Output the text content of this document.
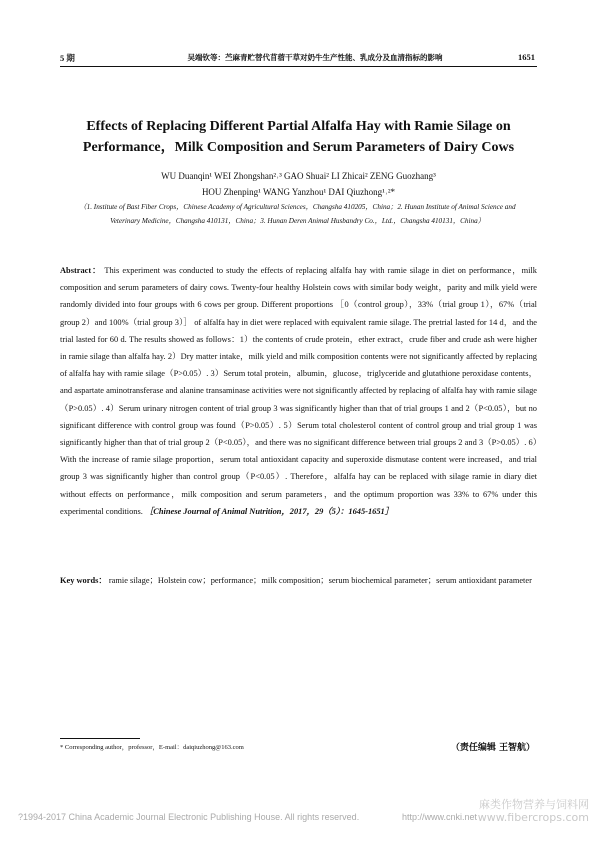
5 期	吴端钦等：苎麻青贮替代苜蓿干草对奶牛生产性能、乳成分及血清指标的影响	1651
Effects of Replacing Different Partial Alfalfa Hay with Ramie Silage on Performance，Milk Composition and Serum Parameters of Dairy Cows
WU Duanqin¹ WEI Zhongshan²˒³ GAO Shuai² LI Zhicai² ZENG Guozhang³
HOU Zhenping¹ WANG Yanzhou¹ DAI Qiuzhong¹˒²*
（1. Institute of Bast Fiber Crops，Chinese Academy of Agricultural Sciences，Changsha 410205，China；2. Hunan Institute of Animal Science and Veterinary Medicine，Changsha 410131，China；3. Hunan Deren Animal Husbandry Co.，Ltd.，Changsha 410131，China）
Abstract： This experiment was conducted to study the effects of replacing alfalfa hay with ramie silage in diet on performance，milk composition and serum parameters of dairy cows. Twenty-four healthy Holstein cows with similar body weight，parity and milk yield were randomly divided into four groups with 6 cows per group. Different proportions ［0（control group），33%（trial group 1），67%（trial group 2）and 100%（trial group 3）］ of alfalfa hay in diet were replaced with equivalent ramie silage. The pretrial lasted for 14 d，and the trial lasted for 60 d. The results showed as follows：1）the contents of crude protein，ether extract，crude fiber and crude ash were higher in ramie silage than alfalfa hay. 2）Dry matter intake，milk yield and milk composition contents were not significantly affected by replacing of alfalfa hay with ramie silage（P>0.05）. 3）Serum total protein，albumin，glucose，triglyceride and glutathione peroxidase contents，and aspartate aminotransferase and alanine transaminase activities were not significantly affected by replacing of alfalfa hay with ramie silage（P>0.05）. 4）Serum urinary nitrogen content of trial group 3 was significantly higher than that of trial groups 1 and 2（P<0.05），but no significant difference with control group was found（P>0.05）. 5）Serum total cholesterol content of control group and trial group 1 was significantly higher than that of trial group 2（P<0.05），and there was no significant difference between trial groups 2 and 3（P>0.05）. 6）With the increase of ramie silage proportion，serum total antioxidant capacity and superoxide dismutase content were increased，and trial group 3 was significantly higher than control group（P<0.05）. Therefore，alfalfa hay can be replaced with silage ramie in diary diet without effects on performance，milk composition and serum parameters，and the optimum proportion was 33% to 67% under this experimental conditions. ［Chinese Journal of Animal Nutrition，2017，29（5）：1645-1651］
Key words： ramie silage；Holstein cow；performance；milk composition；serum biochemical parameter；serum antioxidant parameter
* Corresponding author，professor，E-mail：daiqiuzhong@163.com	（责任编辑 王智航）
?1994-2017 China Academic Journal Electronic Publishing House. All rights reserved.	http://www.cnki.net
麻类作物营养与饲料网
www.fibercrops.com
